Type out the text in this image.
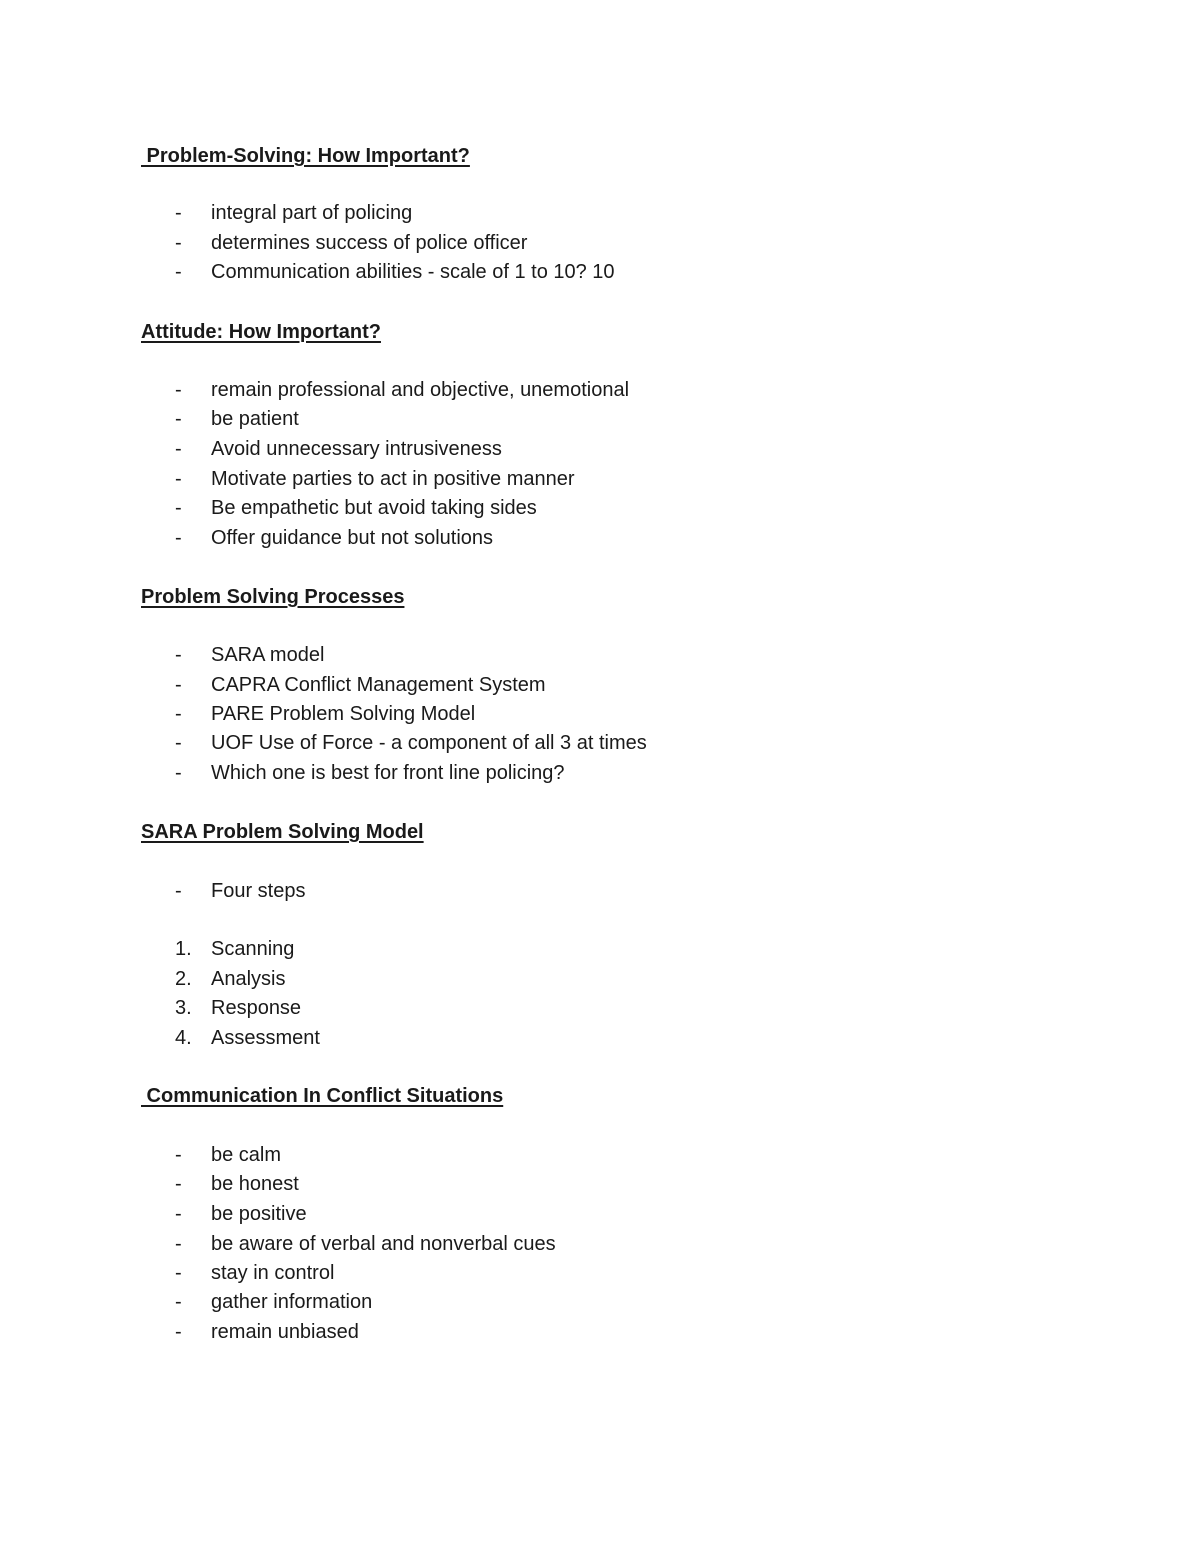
Problem-Solving: How Important?
- integral part of policing
- determines success of police officer
- Communication abilities - scale of 1 to 10? 10
Attitude: How Important?
- remain professional and objective, unemotional
- be patient
- Avoid unnecessary intrusiveness
- Motivate parties to act in positive manner
- Be empathetic but avoid taking sides
- Offer guidance but not solutions
Problem Solving Processes
- SARA model
- CAPRA Conflict Management System
- PARE Problem Solving Model
- UOF Use of Force - a component of all 3 at times
- Which one is best for front line policing?
SARA Problem Solving Model
- Four steps
1. Scanning
2. Analysis
3. Response
4. Assessment
Communication In Conflict Situations
- be calm
- be honest
- be positive
- be aware of verbal and nonverbal cues
- stay in control
- gather information
- remain unbiased
